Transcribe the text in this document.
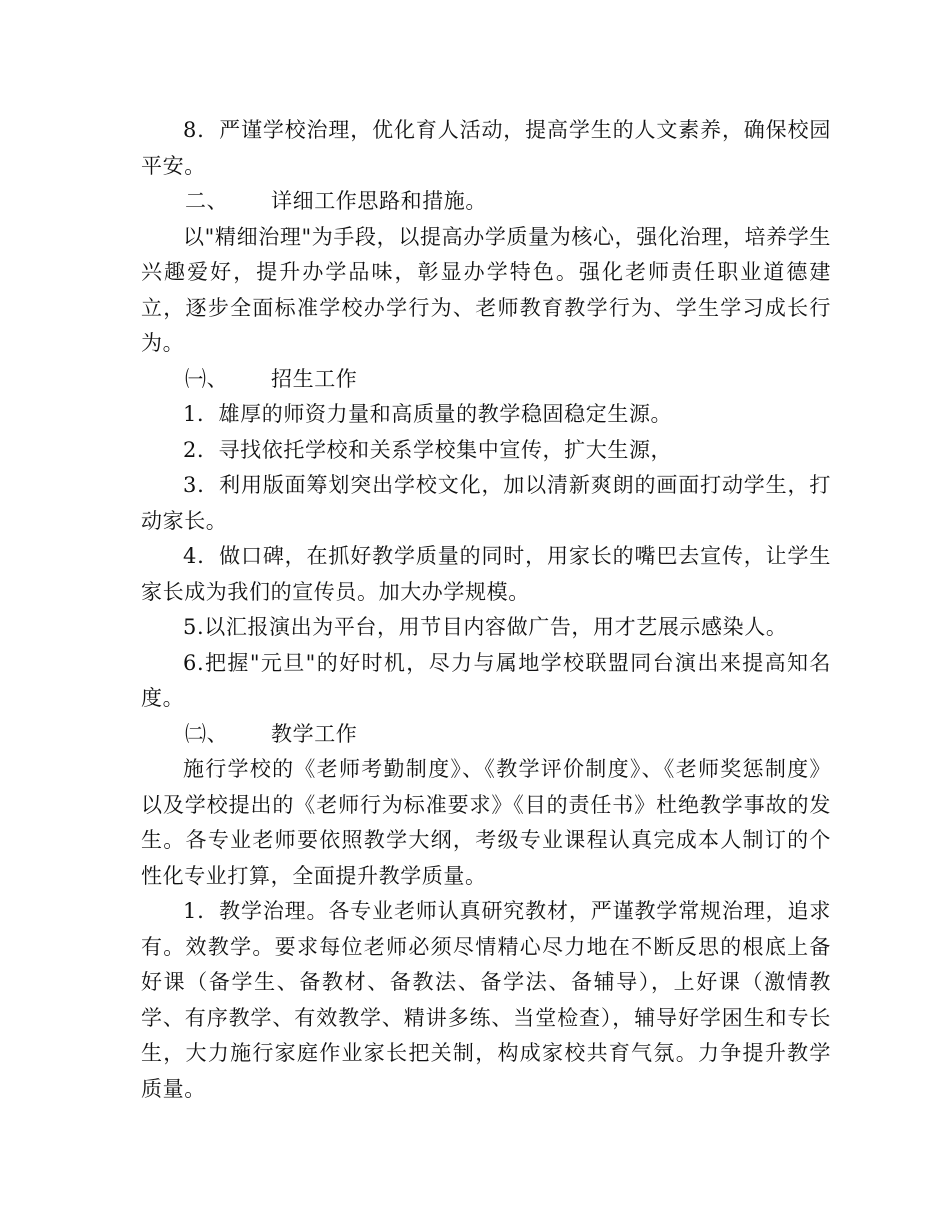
8．严谨学校治理，优化育人活动，提高学生的人文素养，确保校园平安。

二、 详细工作思路和措施。

以"精细治理"为手段，以提高办学质量为核心，强化治理，培养学生兴趣爱好，提升办学品味，彰显办学特色。强化老师责任职业道德建立，逐步全面标准学校办学行为、老师教育教学行为、学生学习成长行为。

㈠、 招生工作

1．雄厚的师资力量和高质量的教学稳固稳定生源。

2．寻找依托学校和关系学校集中宣传，扩大生源，

3．利用版面筹划突出学校文化，加以清新爽朗的画面打动学生，打动家长。

4．做口碑，在抓好教学质量的同时，用家长的嘴巴去宣传，让学生家长成为我们的宣传员。加大办学规模。

5.以汇报演出为平台，用节目内容做广告，用才艺展示感染人。

6.把握"元旦"的好时机，尽力与属地学校联盟同台演出来提高知名度。

㈡、 教学工作

施行学校的《老师考勤制度》、《教学评价制度》、《老师奖惩制度》以及学校提出的《老师行为标准要求》《目的责任书》杜绝教学事故的发生。各专业老师要依照教学大纲，考级专业课程认真完成本人制订的个性化专业打算，全面提升教学质量。

1．教学治理。各专业老师认真研究教材，严谨教学常规治理，追求有。效教学。要求每位老师必须尽情精心尽力地在不断反思的根底上备好课（备学生、备教材、备教法、备学法、备辅导），上好课（激情教学、有序教学、有效教学、精讲多练、当堂检查），辅导好学困生和专长生，大力施行家庭作业家长把关制，构成家校共育气氛。力争提升教学质量。
